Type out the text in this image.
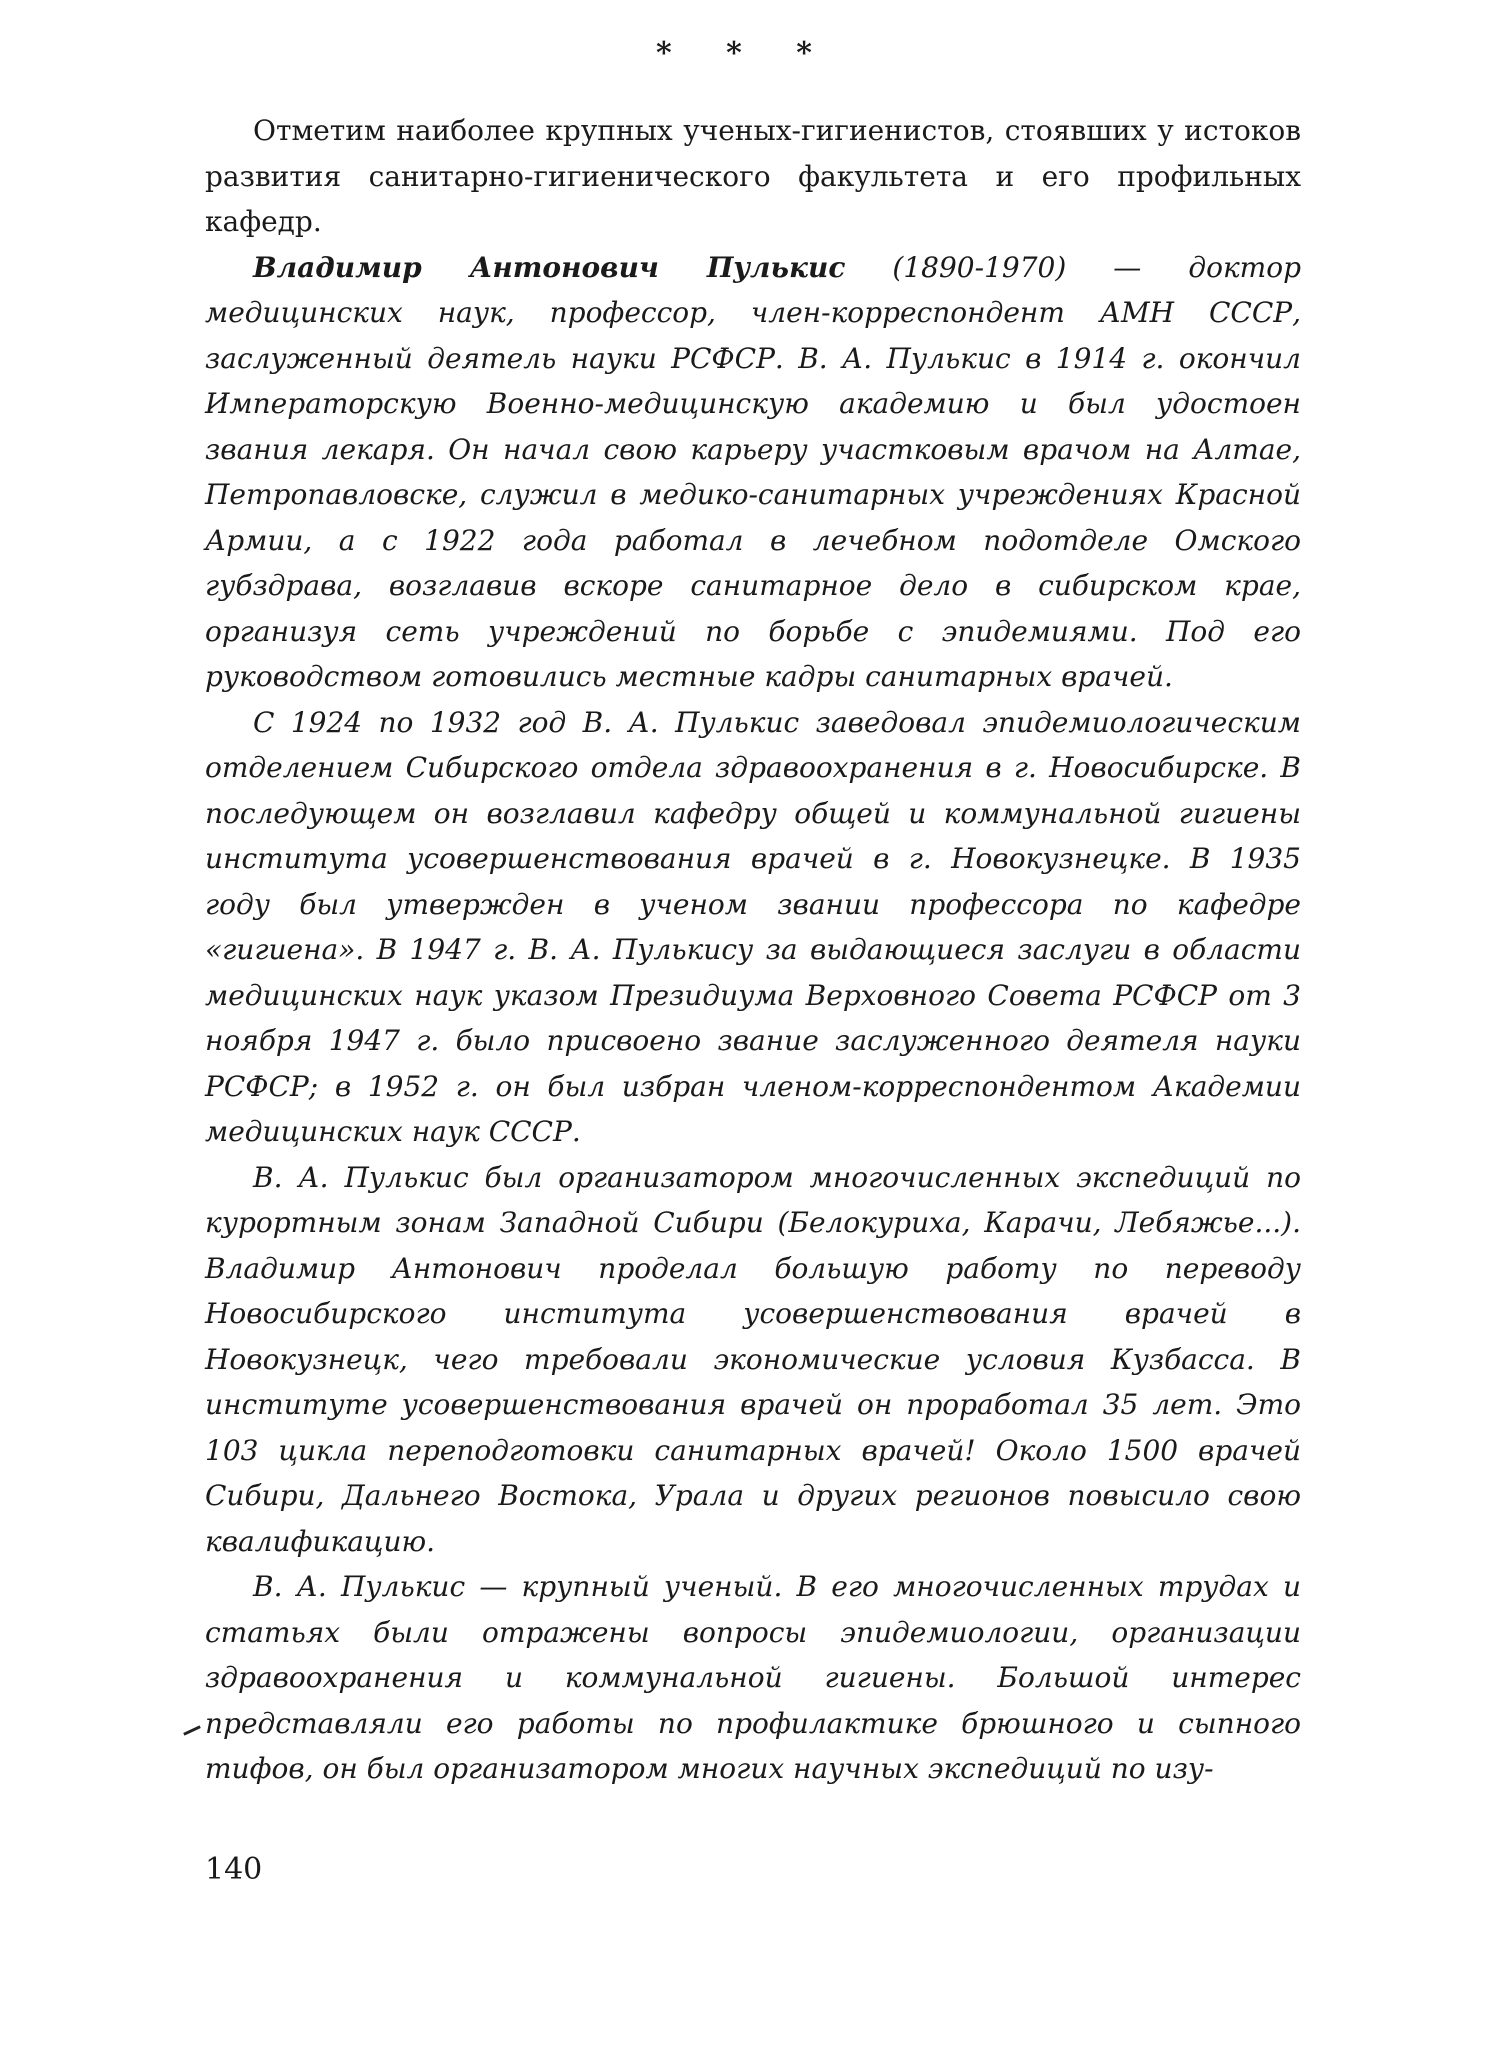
* * *

Отметим наиболее крупных ученых-гигиенистов, стоявших у истоков развития санитарно-гигиенического факультета и его профильных кафедр.

Владимир Антонович Пулькис (1890-1970) — доктор медицинских наук, профессор, член-корреспондент АМН СССР, заслуженный деятель науки РСФСР. В. А. Пулькис в 1914 г. окончил Императорскую Военно-медицинскую академию и был удостоен звания лекаря. Он начал свою карьеру участковым врачом на Алтае, Петропавловске, служил в медико-санитарных учреждениях Красной Армии, а с 1922 года работал в лечебном подотделе Омского губздрава, возглавив вскоре санитарное дело в сибирском крае, организуя сеть учреждений по борьбе с эпидемиями. Под его руководством готовились местные кадры санитарных врачей.

С 1924 по 1932 год В. А. Пулькис заведовал эпидемиологическим отделением Сибирского отдела здравоохранения в г. Новосибирске. В последующем он возглавил кафедру общей и коммунальной гигиены института усовершенствования врачей в г. Новокузнецке. В 1935 году был утвержден в ученом звании профессора по кафедре «гигиена». В 1947 г. В. А. Пулькису за выдающиеся заслуги в области медицинских наук указом Президиума Верховного Совета РСФСР от 3 ноября 1947 г. было присвоено звание заслуженного деятеля науки РСФСР; в 1952 г. он был избран членом-корреспондентом Академии медицинских наук СССР.

В. А. Пулькис был организатором многочисленных экспедиций по курортным зонам Западной Сибири (Белокуриха, Карачи, Лебяжье...). Владимир Антонович проделал большую работу по переводу Новосибирского института усовершенствования врачей в Новокузнецк, чего требовали экономические условия Кузбасса. В институте усовершенствования врачей он проработал 35 лет. Это 103 цикла переподготовки санитарных врачей! Около 1500 врачей Сибири, Дальнего Востока, Урала и других регионов повысило свою квалификацию.

В. А. Пулькис — крупный ученый. В его многочисленных трудах и статьях были отражены вопросы эпидемиологии, организации здравоохранения и коммунальной гигиены. Большой интерес представляли его работы по профилактике брюшного и сыпного тифов, он был организатором многих научных экспедиций по изу-

140
